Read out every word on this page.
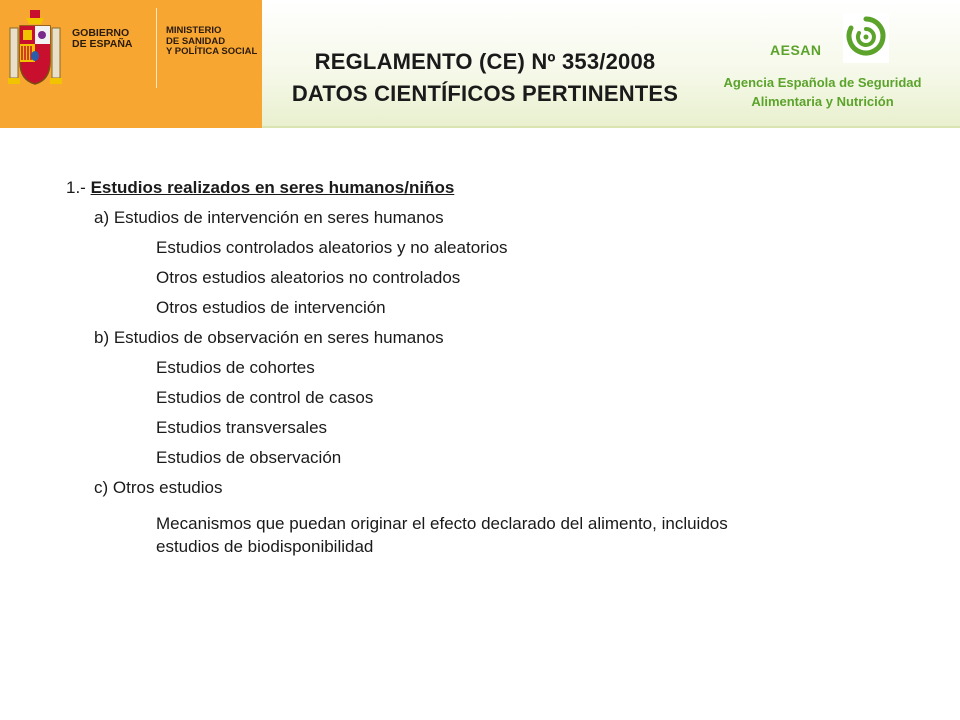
GOBIERNO
DE ESPAÑA
MINISTERIO
DE SANIDAD
Y POLÍTICA SOCIAL	REGLAMENTO (CE) Nº 353/2008
DATOS CIENTÍFICOS PERTINENTES
AESAN
Agencia Española de Seguridad
Alimentaria y Nutrición
1.- Estudios realizados en seres humanos/niños
a) Estudios de intervención en seres humanos
Estudios controlados aleatorios y no aleatorios
Otros estudios aleatorios no controlados
Otros estudios de intervención
b) Estudios de observación en seres humanos
Estudios de cohortes
Estudios de control de casos
Estudios transversales
Estudios de observación
c) Otros estudios
Mecanismos que puedan originar el efecto declarado del alimento, incluidos
estudios de biodisponibilidad
